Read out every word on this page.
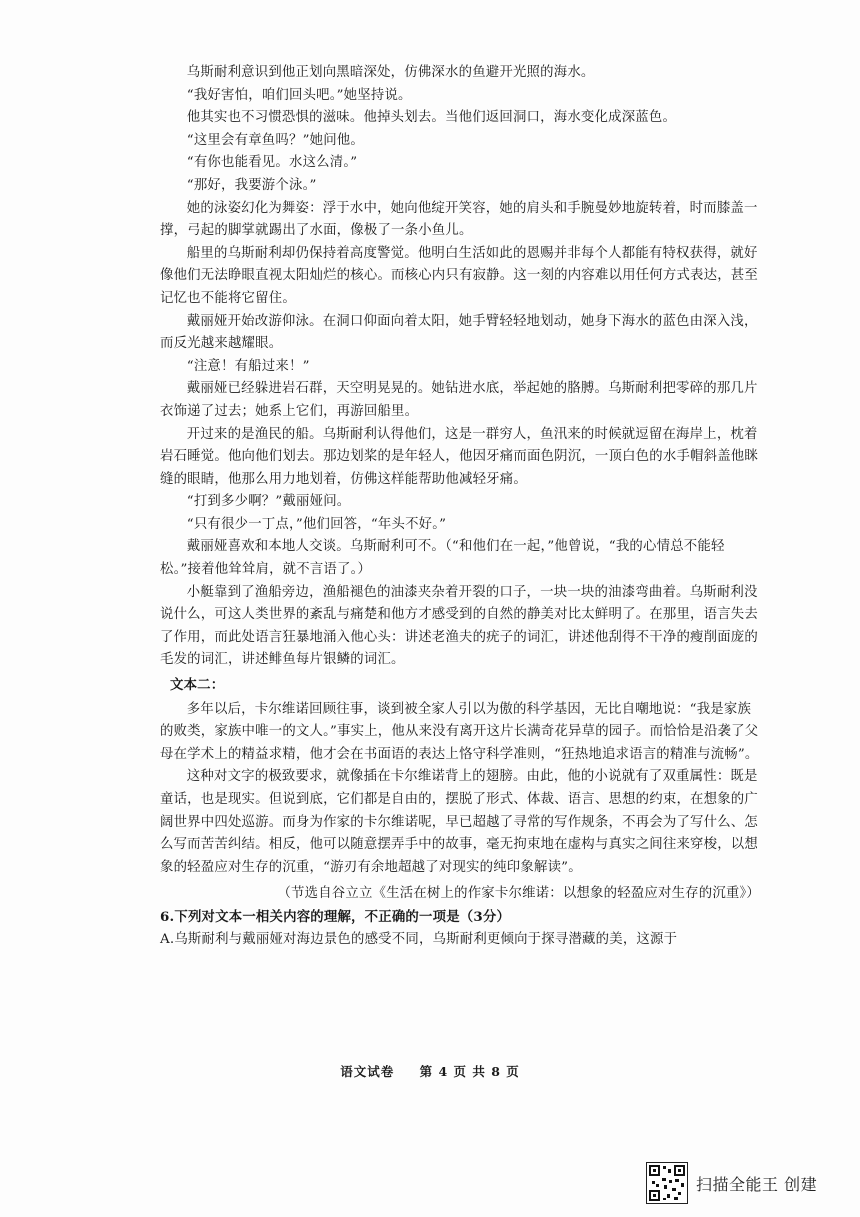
乌斯耐利意识到他正划向黑暗深处，仿佛深水的鱼避开光照的海水。

“我好害怕，咱们回头吧。”她坚持说。

他其实也不习惯恐惧的滋味。他掉头划去。当他们返回洞口，海水变化成深蓝色。

“这里会有章鱼吗？”她问他。

“有你也能看见。水这么清。”

“那好，我要游个泳。”

她的泳姿幻化为舞姿：浮于水中，她向他绽开笑容，她的肩头和手腕曼妙地旋转着，时而膝盖一撑，弓起的脚掌就踢出了水面，像极了一条小鱼儿。

船里的乌斯耐利却仍保持着高度警觉。他明白生活如此的恩赐并非每个人都能有特权获得，就好像他们无法睁眼直视太阳灿烂的核心。而核心内只有寂静。这一刻的内容难以用任何方式表达，甚至记忆也不能将它留住。

戴丽娅开始改游仰泳。在洞口仰面向着太阳，她手臂轻轻地划动，她身下海水的蓝色由深入浅，而反光越来越耀眼。

“注意！有船过来！”

戴丽娅已经躲进岩石群，天空明晃晃的。她钻进水底，举起她的胳膊。乌斯耐利把零碎的那几片衣饰递了过去；她系上它们，再游回船里。

开过来的是渔民的船。乌斯耐利认得他们，这是一群穷人，鱼汛来的时候就逗留在海岸上，枕着岩石睡觉。他向他们划去。那边划桨的是年轻人，他因牙痛而面色阴沉，一顶白色的水手帽斜盖他眯缝的眼睛，他那么用力地划着，仿佛这样能帮助他减轻牙痛。

“打到多少啊？”戴丽娅问。

“只有很少一丁点，”他们回答，“年头不好。”

戴丽娅喜欢和本地人交谈。乌斯耐利可不。（“和他们在一起，”他曾说，“我的心情总不能轻松。”接着他耸耸肩，就不言语了。）

小艇靠到了渔船旁边，渔船褪色的油漆夹杂着开裂的口子，一块一块的油漆弯曲着。乌斯耐利没说什么，可这人类世界的紊乱与痛楚和他方才感受到的自然的静美对比太鲜明了。在那里，语言失去了作用，而此处语言狂暴地涌入他心头：讲述老渔夫的疣子的词汇，讲述他刮得不干净的瘦削面庞的毛发的词汇，讲述鲱鱼每片银鳞的词汇。

文本二：

多年以后，卡尔维诺回顾往事，谈到被全家人引以为傲的科学基因，无比自嘲地说：“我是家族的败类，家族中唯一的文人。”事实上，他从来没有离开这片长满奇花异草的园子。而恰恰是沿袭了父母在学术上的精益求精，他才会在书面语的表达上恪守科学准则，“狂热地追求语言的精准与流畅”。

这种对文字的极致要求，就像插在卡尔维诺背上的翅膀。由此，他的小说就有了双重属性：既是童话，也是现实。但说到底，它们都是自由的，摆脱了形式、体裁、语言、思想的约束，在想象的广阔世界中四处巡游。而身为作家的卡尔维诺呢，早已超越了寻常的写作规条，不再会为了写什么、怎么写而苦苦纠结。相反，他可以随意摆弄手中的故事，毫无拘束地在虚构与真实之间往来穿梭，以想象的轻盈应对生存的沉重，“游刃有余地超越了对现实的纯印象解读”。

（节选自谷立立《生活在树上的作家卡尔维诺：以想象的轻盈应对生存的沉重》）

6.下列对文本一相关内容的理解，不正确的一项是（3分）

A.乌斯耐利与戴丽娅对海边景色的感受不同，乌斯耐利更倾向于探寻潜藏的美，这源于

语文试卷 第 4 页 共 8 页
扫描全能王 创建
